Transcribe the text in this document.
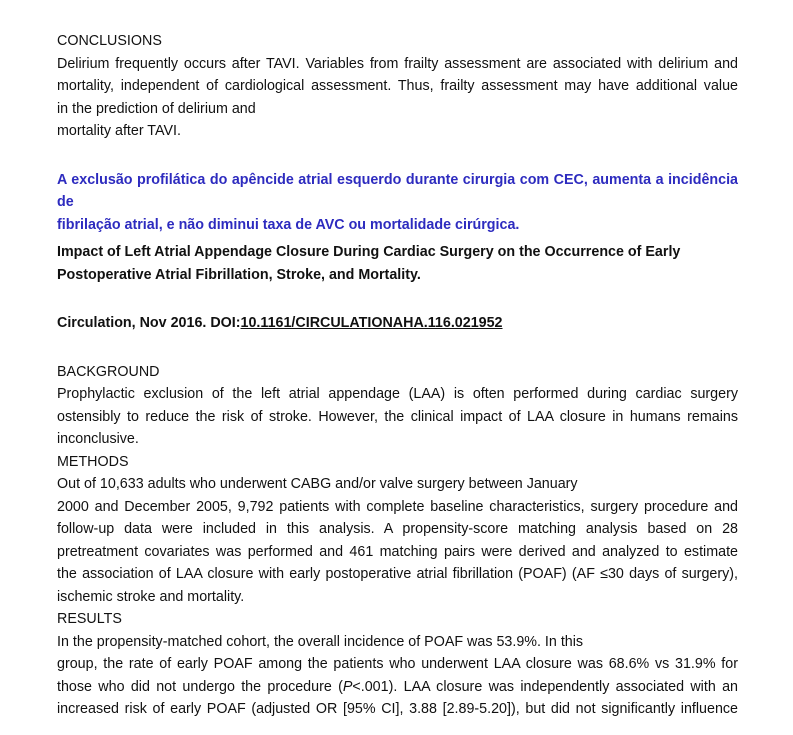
CONCLUSIONS
Delirium frequently occurs after TAVI. Variables from frailty assessment are associated with delirium and
mortality, independent of cardiological assessment. Thus, frailty assessment may have additional value
in the prediction of delirium and
mortality after TAVI.
A exclusão profilática do apêncide atrial esquerdo durante cirurgia com CEC, aumenta a incidência de
fibrilação atrial, e não diminui taxa de AVC ou mortalidade cirúrgica.
Impact of Left Atrial Appendage Closure During Cardiac Surgery on the Occurrence of Early
Postoperative Atrial Fibrillation, Stroke, and Mortality.
Circulation, Nov 2016. DOI:10.1161/CIRCULATIONAHA.116.021952
BACKGROUND
Prophylactic exclusion of the left atrial appendage (LAA) is often performed during cardiac surgery
ostensibly to reduce the risk of stroke. However, the clinical impact of LAA closure in humans remains
inconclusive.
METHODS
Out of 10,633 adults who underwent CABG and/or valve surgery between January
2000 and December 2005, 9,792 patients with complete baseline characteristics, surgery procedure and
follow-up data were included in this analysis. A propensity-score matching analysis based on 28
pretreatment covariates was performed and 461 matching pairs were derived and analyzed to estimate
the association of LAA closure with early postoperative atrial fibrillation (POAF) (AF ≤30 days of surgery),
ischemic stroke and mortality.
RESULTS
In the propensity-matched cohort, the overall incidence of POAF was 53.9%. In this
group, the rate of early POAF among the patients who underwent LAA closure was 68.6% vs 31.9% for
those who did not undergo the procedure (P<.001). LAA closure was independently associated with an
increased risk of early POAF (adjusted OR [95% CI], 3.88 [2.89-5.20]), but did not significantly influence
